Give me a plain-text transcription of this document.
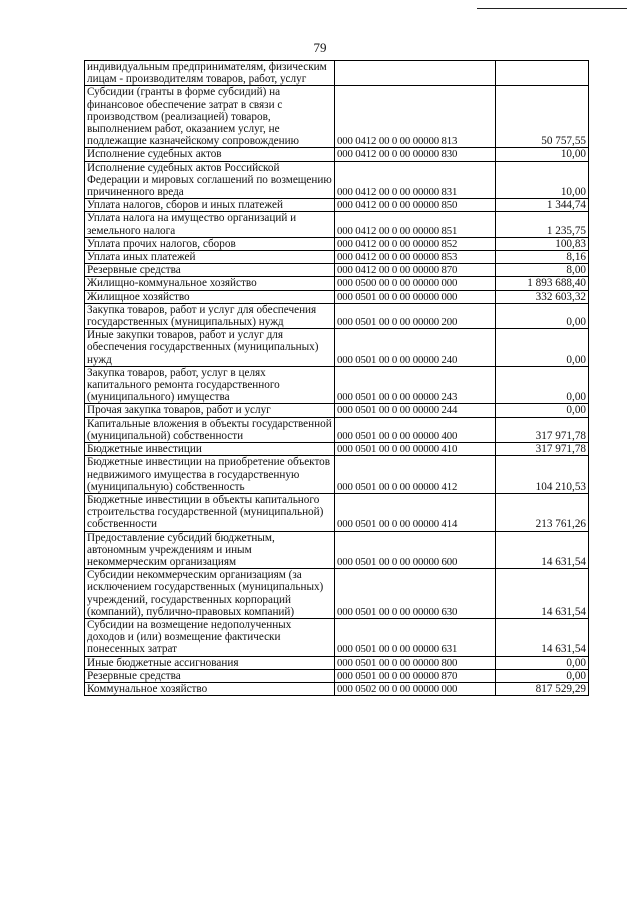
79
индивидуальным предпринимателям, физическим лицам - производителям товаров, работ, услуг		
Субсидии (гранты в форме субсидий) на финансовое обеспечение затрат в связи с производством (реализацией) товаров, выполнением работ, оказанием услуг, не подлежащие казначейскому сопровождению	000 0412 00 0 00 00000 813	50 757,55
Исполнение судебных актов	000 0412 00 0 00 00000 830	10,00
Исполнение судебных актов Российской Федерации и мировых соглашений по возмещению причиненного вреда	000 0412 00 0 00 00000 831	10,00
Уплата налогов, сборов и иных платежей	000 0412 00 0 00 00000 850	1 344,74
Уплата налога на имущество организаций и земельного налога	000 0412 00 0 00 00000 851	1 235,75
Уплата прочих налогов, сборов	000 0412 00 0 00 00000 852	100,83
Уплата иных платежей	000 0412 00 0 00 00000 853	8,16
Резервные средства	000 0412 00 0 00 00000 870	8,00
Жилищно-коммунальное хозяйство	000 0500 00 0 00 00000 000	1 893 688,40
Жилищное хозяйство	000 0501 00 0 00 00000 000	332 603,32
Закупка товаров, работ и услуг для обеспечения государственных (муниципальных) нужд	000 0501 00 0 00 00000 200	0,00
Иные закупки товаров, работ и услуг для обеспечения государственных (муниципальных) нужд	000 0501 00 0 00 00000 240	0,00
Закупка товаров, работ, услуг в целях капитального ремонта государственного (муниципального) имущества	000 0501 00 0 00 00000 243	0,00
Прочая закупка товаров, работ и услуг	000 0501 00 0 00 00000 244	0,00
Капитальные вложения в объекты государственной (муниципальной) собственности	000 0501 00 0 00 00000 400	317 971,78
Бюджетные инвестиции	000 0501 00 0 00 00000 410	317 971,78
Бюджетные инвестиции на приобретение объектов недвижимого имущества в государственную (муниципальную) собственность	000 0501 00 0 00 00000 412	104 210,53
Бюджетные инвестиции в объекты капитального строительства государственной (муниципальной) собственности	000 0501 00 0 00 00000 414	213 761,26
Предоставление субсидий бюджетным, автономным учреждениям и иным некоммерческим организациям	000 0501 00 0 00 00000 600	14 631,54
Субсидии некоммерческим организациям (за исключением государственных (муниципальных) учреждений, государственных корпораций (компаний), публично-правовых компаний)	000 0501 00 0 00 00000 630	14 631,54
Субсидии на возмещение недополученных доходов и (или) возмещение фактически понесенных затрат	000 0501 00 0 00 00000 631	14 631,54
Иные бюджетные ассигнования	000 0501 00 0 00 00000 800	0,00
Резервные средства	000 0501 00 0 00 00000 870	0,00
Коммунальное хозяйство	000 0502 00 0 00 00000 000	817 529,29
